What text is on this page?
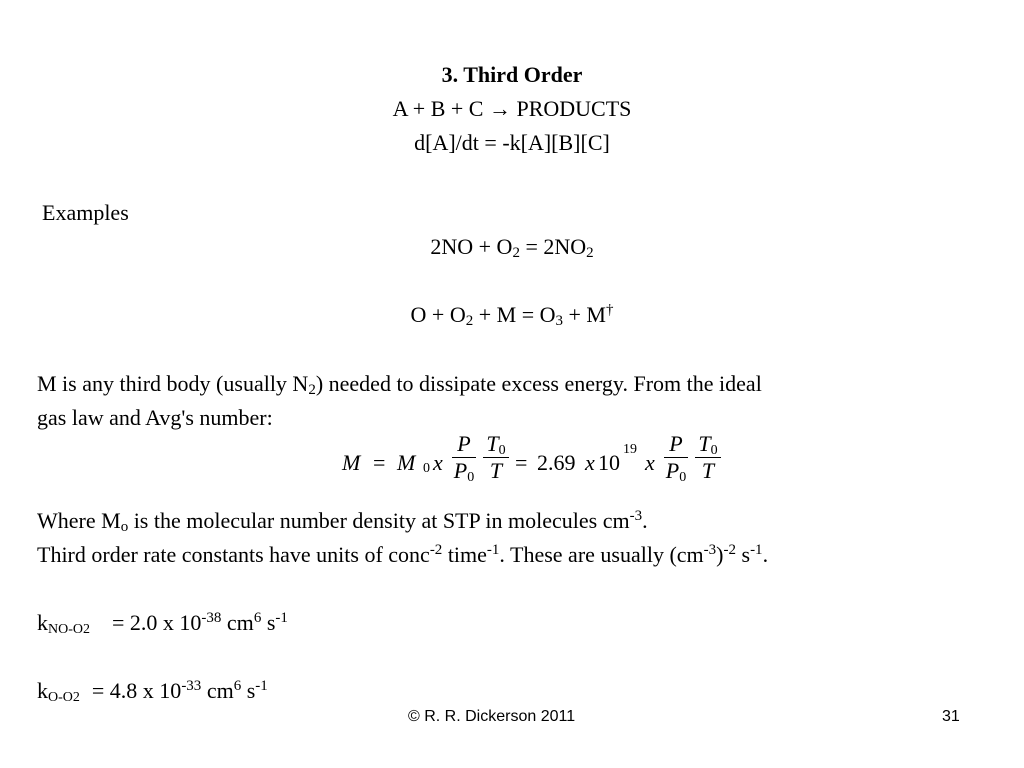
3. Third Order
A + B + C → PRODUCTS
d[A]/dt = -k[A][B][C]
Examples
$2NO + O_2 = 2NO_2$
$O + O_2 + M = O_3 + M^\dagger$
M is any third body (usually $N_2$) needed to dissipate excess energy. From the ideal
gas law and Avg's number:
M = M 0 x
P
$P_0$
$T_0$
T = 2.69 x 10
19
x
P
$P_0$
$T_0$
T
Where $M_o$ is the molecular number density at STP in molecules $cm^{-3}$.
Third order rate constants have units of conc$^{-2}$ time$^{-1}$. These are usually $(cm^{-3})^{-2}$ $s^{-1}$.
$k_{NO-O2} = 2.0$ x $10^{-38}$ $cm^6$ $s^{-1}$
$k_{O-O2} = 4.8$ x $10^{-33}$ $cm^6$ $s^{-1}$
© R. R. Dickerson 2011	31
